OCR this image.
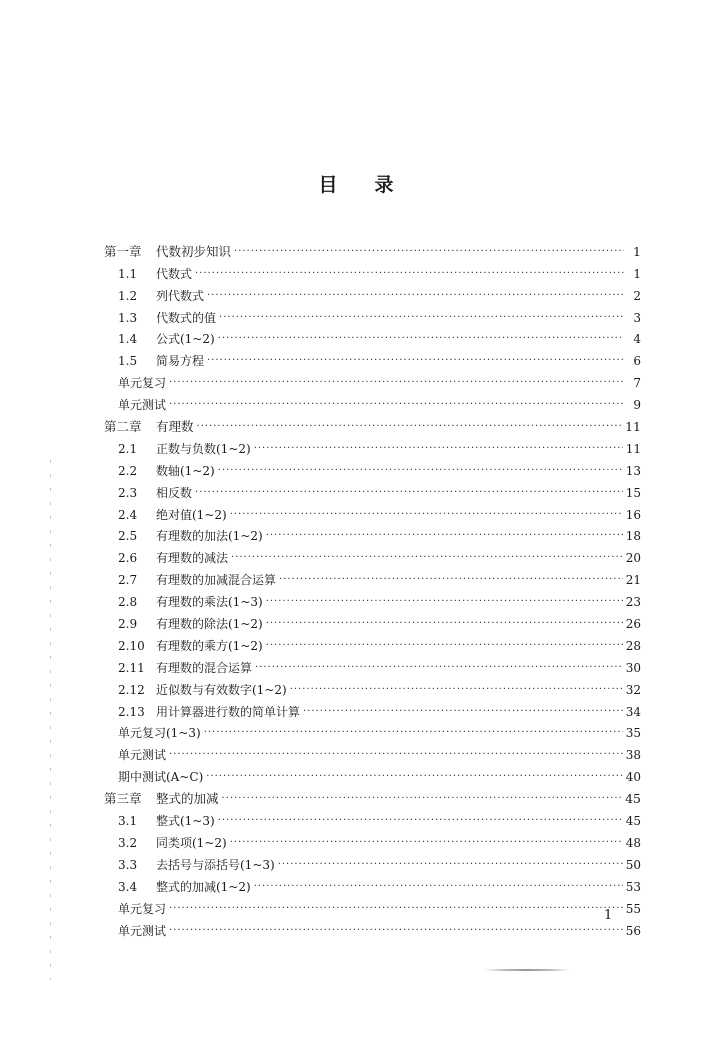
目 录
第一章	代数初步知识 ·····	1
1.1	代数式 ·····	1
1.2	列代数式 ·····	2
1.3	代数式的值 ·····	3
1.4	公式(1~2) ·····	4
1.5	简易方程 ·····	6
单元复习 ·····	7
单元测试 ·····	9
第二章	有理数 ·····	11
2.1	正数与负数(1~2) ·····	11
2.2	数轴(1~2) ·····	13
2.3	相反数 ·····	15
2.4	绝对值(1~2) ·····	16
2.5	有理数的加法(1~2) ·····	18
2.6	有理数的减法 ·····	20
2.7	有理数的加减混合运算 ·····	21
2.8	有理数的乘法(1~3) ·····	23
2.9	有理数的除法(1~2) ·····	26
2.10 有理数的乘方(1~2) ·····	28
2.11 有理数的混合运算 ·····	30
2.12 近似数与有效数字(1~2) ·····	32
2.13 用计算器进行数的简单计算 ·····	34
单元复习(1~3) ·····	35
单元测试 ·····	38
期中测试(A~C) ·····	40
第三章	整式的加减 ·····	45
3.1	整式(1~3) ·····	45
3.2	同类项(1~2) ·····	48
3.3	去括号与添括号(1~3) ·····	50
3.4	整式的加减(1~2) ·····	53
单元复习 ·····	55
单元测试 ·····	56
1
